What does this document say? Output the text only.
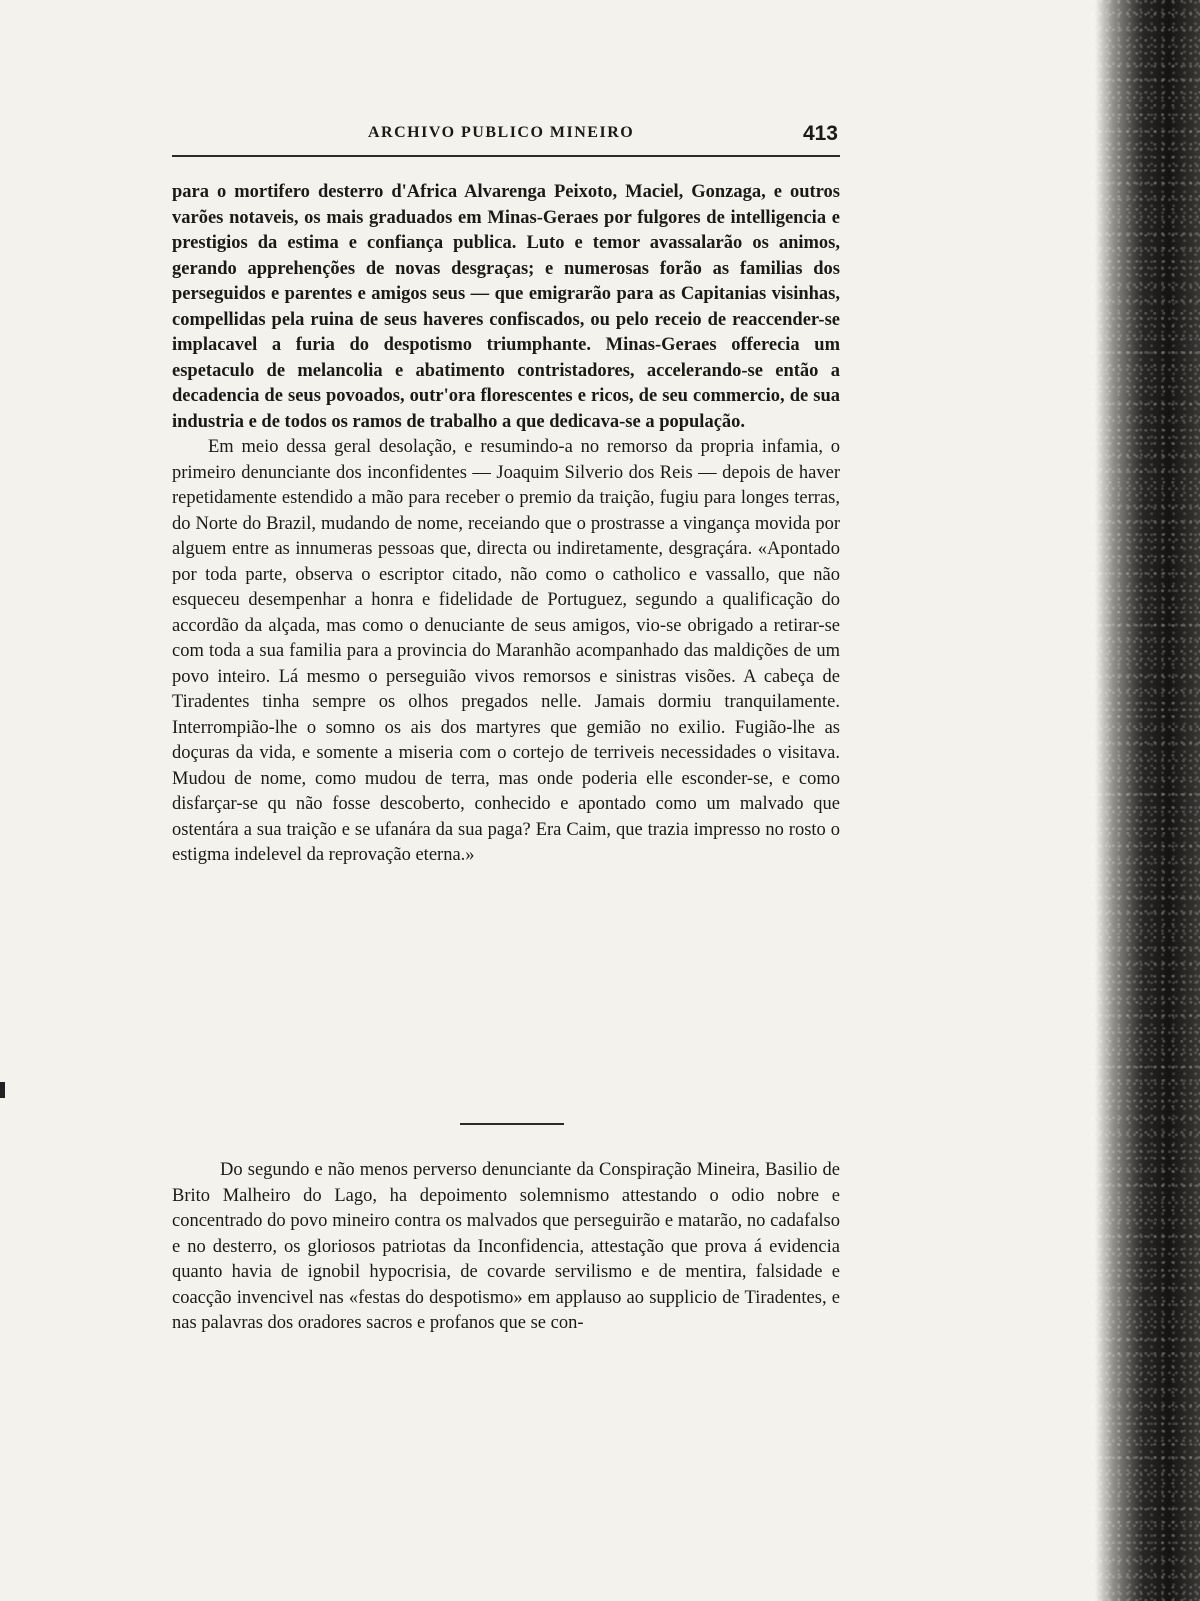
ARCHIVO PUBLICO MINEIRO	413

para o mortifero desterro d'Africa Alvarenga Peixoto, Maciel, Gonzaga, e outros varões notaveis, os mais graduados em Minas-Geraes por fulgores de intelligencia e prestigios da estima e confiança publica. Luto e temor avassalarão os animos, gerando apprehenções de novas desgraças; e numerosas forão as familias dos perseguidos e parentes e amigos seus — que emigrarão para as Capitanias visinhas, compellidas pela ruina de seus haveres confiscados, ou pelo receio de reaccender-se implacavel a furia do despotismo triumphante. Minas-Geraes offerecia um espetaculo de melancolia e abatimento contristadores, accelerando-se então a decadencia de seus povoados, outr'ora florescentes e ricos, de seu commercio, de sua industria e de todos os ramos de trabalho a que dedicava-se a população.

Em meio dessa geral desolação, e resumindo-a no remorso da propria infamia, o primeiro denunciante dos inconfidentes — Joaquim Silverio dos Reis — depois de haver repetidamente estendido a mão para receber o premio da traição, fugiu para longes terras, do Norte do Brazil, mudando de nome, receiando que o prostrasse a vingança movida por alguem entre as innumeras pessoas que, directa ou indiretamente, desgraçára. «Apontado por toda parte, observa o escriptor citado, não como o catholico e vassallo, que não esqueceu desempenhar a honra e fidelidade de Portuguez, segundo a qualificação do accordão da alçada, mas como o denuciante de seus amigos, vio-se obrigado a retirar-se com toda a sua familia para a provincia do Maranhão acompanhado das maldições de um povo inteiro. Lá mesmo o perseguião vivos remorsos e sinistras visões. A cabeça de Tiradentes tinha sempre os olhos pregados nelle. Jamais dormiu tranquilamente. Interrompião-lhe o somno os ais dos martyres que gemião no exilio. Fugião-lhe as doçuras da vida, e somente a miseria com o cortejo de terriveis necessidades o visitava. Mudou de nome, como mudou de terra, mas onde poderia elle esconder-se, e como disfarçar-se qu não fosse descoberto, conhecido e apontado como um malvado que ostentára a sua traição e se ufanára da sua paga? Era Caim, que trazia impresso no rosto o estigma indelevel da reprovação eterna.»

Do segundo e não menos perverso denunciante da Conspiração Mineira, Basilio de Brito Malheiro do Lago, ha depoimento solemnismo attestando o odio nobre e concentrado do povo mineiro contra os malvados que perseguirão e matarão, no cadafalso e no desterro, os gloriosos patriotas da Inconfidencia, attestação que prova á evidencia quanto havia de ignobil hypocrisia, de covarde servilismo e de mentira, falsidade e coacção invencivel nas «festas do despotismo» em applauso ao supplicio de Tiradentes, e nas palavras dos oradores sacros e profanos que se con-
